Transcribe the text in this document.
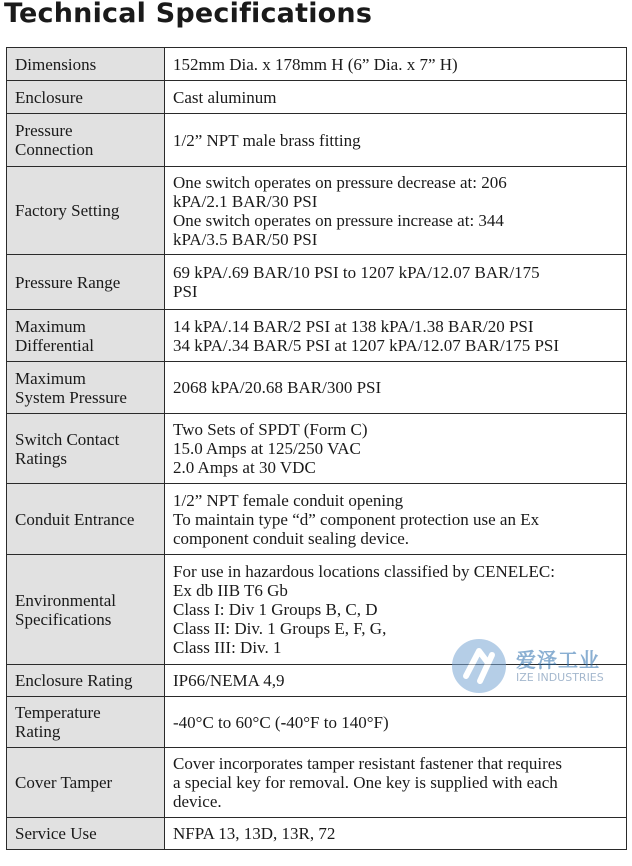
Technical Specifications
Dimensions	152mm Dia. x 178mm H (6” Dia. x 7” H)

Enclosure	Cast aluminum

Pressure
Connection	1/2” NPT male brass fitting

Factory Setting	One switch operates on pressure decrease at: 206
kPA/2.1 BAR/30 PSI
One switch operates on pressure increase at: 344
kPA/3.5 BAR/50 PSI

Pressure Range	69 kPA/.69 BAR/10 PSI to 1207 kPA/12.07 BAR/175
PSI

Maximum
Differential	14 kPA/.14 BAR/2 PSI at 138 kPA/1.38 BAR/20 PSI
34 kPA/.34 BAR/5 PSI at 1207 kPA/12.07 BAR/175 PSI

Maximum
System Pressure	2068 kPA/20.68 BAR/300 PSI

Switch Contact
Ratings	Two Sets of SPDT (Form C)
15.0 Amps at 125/250 VAC
2.0 Amps at 30 VDC

Conduit Entrance	1/2” NPT female conduit opening
To maintain type “d” component protection use an Ex
component conduit sealing device.

Environmental
Specifications	For use in hazardous locations classified by CENELEC:
Ex db IIB T6 Gb
Class I: Div 1 Groups B, C, D
Class II: Div. 1 Groups E, F, G,
Class III: Div. 1

Enclosure Rating	IP66/NEMA 4,9

Temperature
Rating	-40°C to 60°C (-40°F to 140°F)

Cover Tamper	Cover incorporates tamper resistant fastener that requires
a special key for removal. One key is supplied with each
device.

Service Use	NFPA 13, 13D, 13R, 72
爱泽工业
IZE INDUSTRIES
